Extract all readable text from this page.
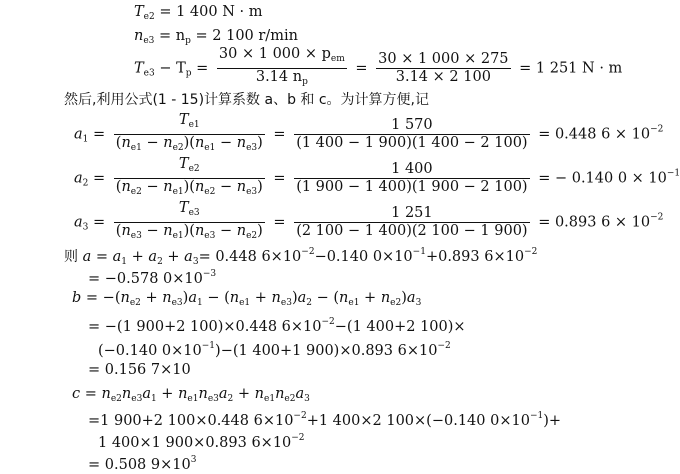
$T_{e2} = 1$ 400 N · m
$n_{e3} = n_p = 2$ 100 r/min
$T_{e3} - T_p = \frac{30 \times 1 000 \times p_{em}}{3.14 n_p} = \frac{30 \times 1 000 \times 275}{3.14 \times 2 100} = 1$ 251 N · m
然后,利用公式(1 - 15)计算系数 a、b 和 c。为计算方便,记
$a_1 = \frac{T_{e1}}{(n_{e1} - n_{e2})(n_{e1} - n_{e3})} = \frac{1 570}{(1 400 - 1 900)(1 400 - 2 100)} = 0.448$ $6 \times 10^{-2}$
$a_2 = \frac{T_{e2}}{(n_{e2} - n_{e1})(n_{e2} - n_{e3})} = \frac{1 400}{(1 900 - 1 400)(1 900 - 2 100)}$ = − 0.140 $0 \times 10^{-1}$
$a_3 = \frac{T_{e3}}{(n_{e3} - n_{e1})(n_{e3} - n_{e2})} = \frac{1 251}{(2 100 - 1 400)(2 100 - 1 900)} = 0.893$ $6 \times 10^{-2}$
则 $a = a_1 + a_2 + a_3= 0.448$ $6\times 10^{-2}-0.140$ $0\times 10^{-1}+0.893$ $6\times 10^{-2}$
= −0.578 $0\times 10^{-3}$
$b = -(n_{e2} + n_{e3})a_1 - (n_{e1} + n_{e3})a_2 - (n_{e1} + n_{e2})a_3$
= −(1 900+2 100)×0.448 $6\times 10^{-2}-(1$ 400+2 100)×
(−0.140 $0\times 10^{-1})-(1$ 400+1 900)×0.893 $6\times 10^{-2}$
= 0.156 7×10
$c = n_{e2}n_{e3}a_1 + n_{e1}n_{e3}a_2 + n_{e1}n_{e2}a_3$
=1 900+2 100×0.448 $6\times 10^{-2}+1$ 400×2 100×(−0.140 $0\times 10^{-1})+$
1 400×1 900×0.893 $6\times 10^{-2}$
= 0.508 $9\times 10^3$
